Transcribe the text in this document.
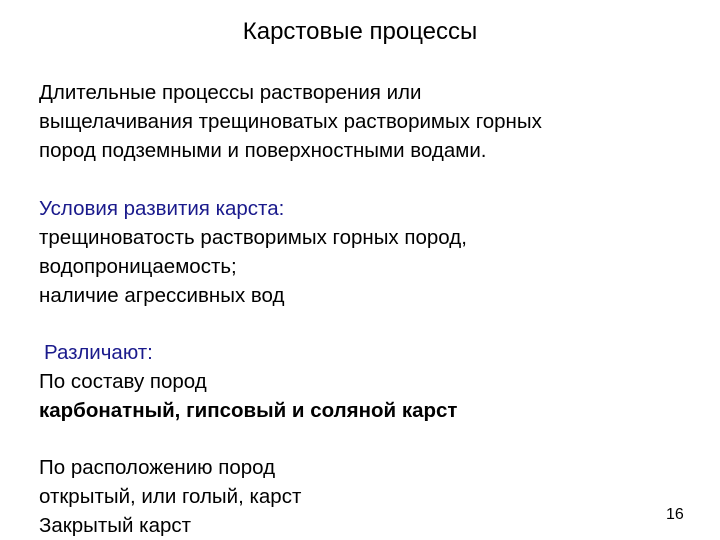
Карстовые процессы
Длительные процессы растворения или
выщелачивания трещиноватых растворимых горных
пород подземными и поверхностными водами.
Условия развития карста:
трещиноватость растворимых горных пород,
водопроницаемость;
наличие агрессивных вод
Различают:
По составу пород
карбонатный, гипсовый и соляной карст
По расположению пород
открытый, или голый, карст
Закрытый карст	16
